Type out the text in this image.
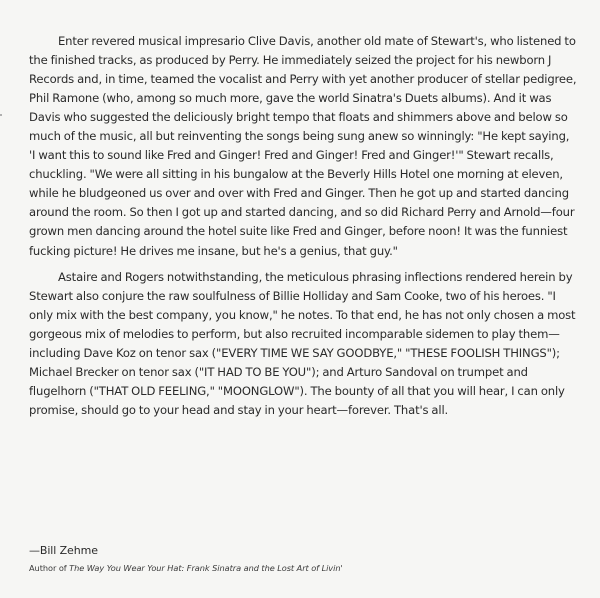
Enter revered musical impresario Clive Davis, another old mate of Stewart's, who listened to the finished tracks, as produced by Perry. He immediately seized the project for his newborn J Records and, in time, teamed the vocalist and Perry with yet another producer of stellar pedigree, Phil Ramone (who, among so much more, gave the world Sinatra's Duets albums). And it was Davis who suggested the deliciously bright tempo that floats and shimmers above and below so much of the music, all but reinventing the songs being sung anew so winningly: "He kept saying, 'I want this to sound like Fred and Ginger! Fred and Ginger! Fred and Ginger!'" Stewart recalls, chuckling. "We were all sitting in his bungalow at the Beverly Hills Hotel one morning at eleven, while he bludgeoned us over and over with Fred and Ginger. Then he got up and started dancing around the room. So then I got up and started dancing, and so did Richard Perry and Arnold—four grown men dancing around the hotel suite like Fred and Ginger, before noon! It was the funniest fucking picture! He drives me insane, but he's a genius, that guy."

Astaire and Rogers notwithstanding, the meticulous phrasing inflections rendered herein by Stewart also conjure the raw soulfulness of Billie Holliday and Sam Cooke, two of his heroes. "I only mix with the best company, you know," he notes. To that end, he has not only chosen a most gorgeous mix of melodies to perform, but also recruited incomparable sidemen to play them—including Dave Koz on tenor sax ("EVERY TIME WE SAY GOODBYE," "THESE FOOLISH THINGS"); Michael Brecker on tenor sax ("IT HAD TO BE YOU"); and Arturo Sandoval on trumpet and flugelhorn ("THAT OLD FEELING," "MOONGLOW"). The bounty of all that you will hear, I can only promise, should go to your head and stay in your heart—forever. That's all.

—Bill Zehme
Author of The Way You Wear Your Hat: Frank Sinatra and the Lost Art of Livin'
